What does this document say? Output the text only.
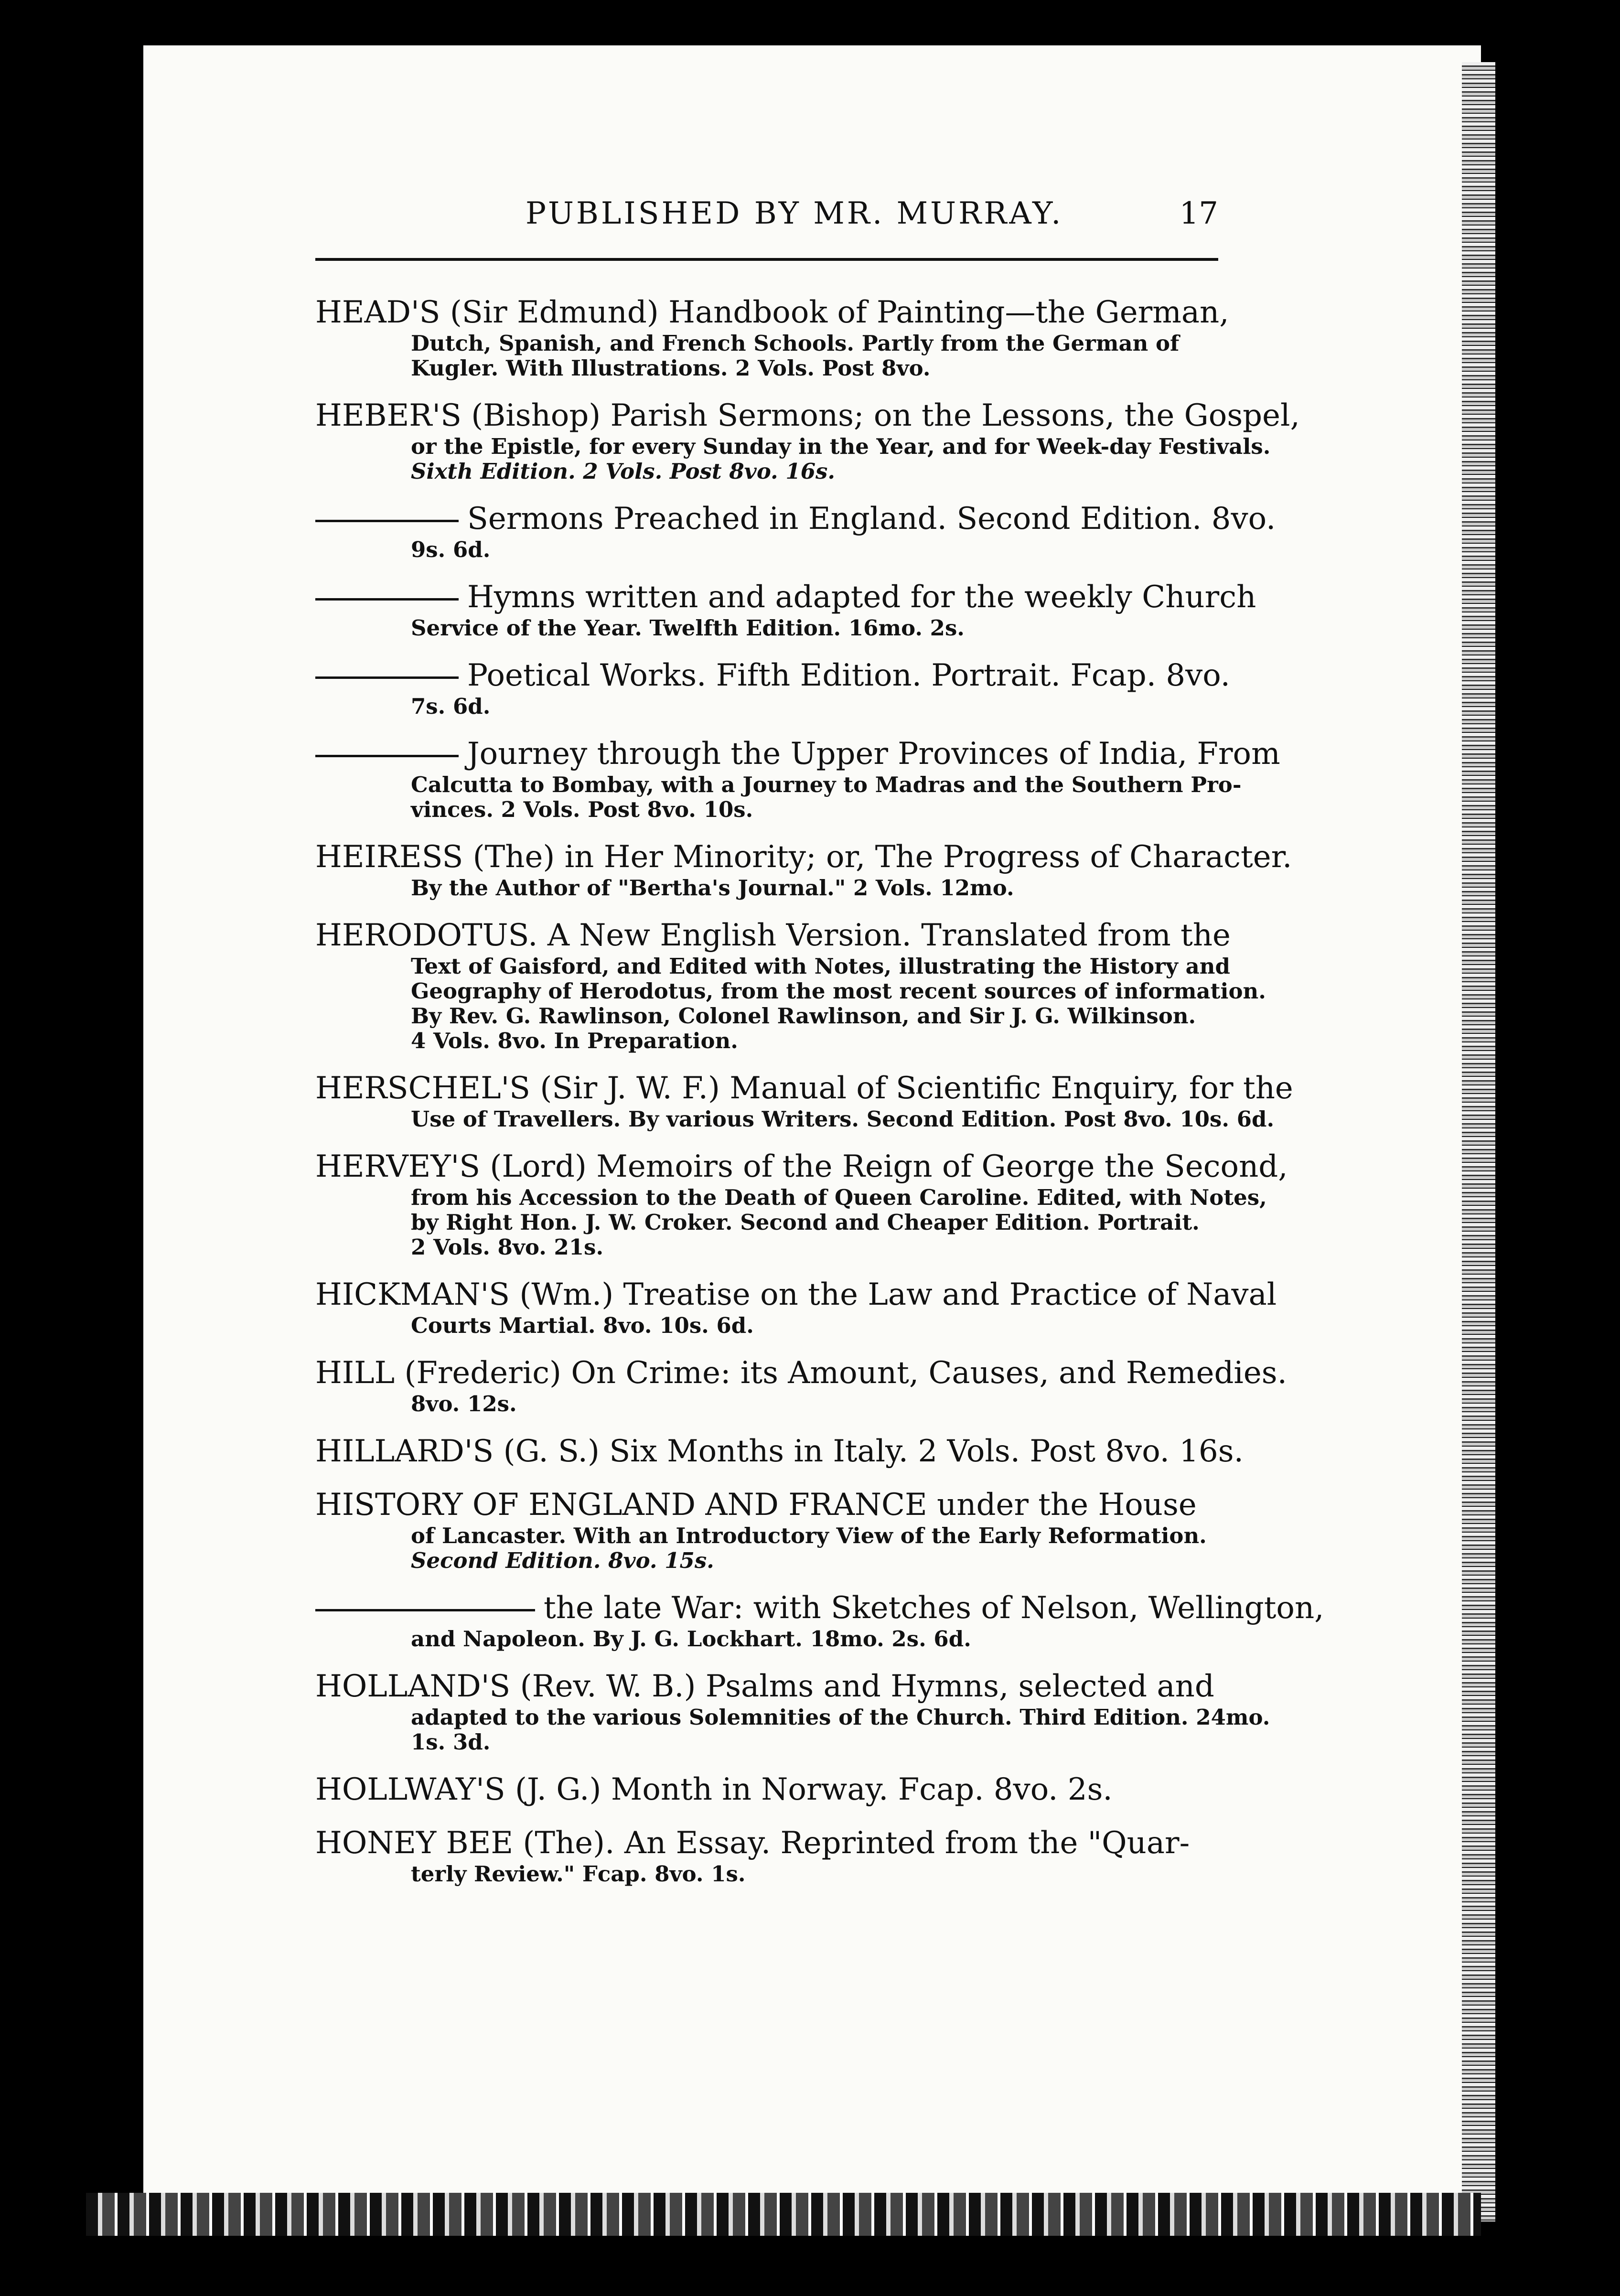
PUBLISHED BY MR. MURRAY.	17
HEAD'S (Sir Edmund) Handbook of Painting—the German,
Dutch, Spanish, and French Schools. Partly from the German of
Kugler. With Illustrations. 2 Vols. Post 8vo.
HEBER'S (Bishop) Parish Sermons; on the Lessons, the Gospel,
or the Epistle, for every Sunday in the Year, and for Week-day Festivals.
Sixth Edition. 2 Vols. Post 8vo. 16s.
Sermons Preached in England. Second Edition. 8vo.
9s. 6d.
Hymns written and adapted for the weekly Church
Service of the Year. Twelfth Edition. 16mo. 2s.
Poetical Works. Fifth Edition. Portrait. Fcap. 8vo.
7s. 6d.
Journey through the Upper Provinces of India, From
Calcutta to Bombay, with a Journey to Madras and the Southern Pro-
vinces. 2 Vols. Post 8vo. 10s.
HEIRESS (The) in Her Minority; or, The Progress of Character.
By the Author of "Bertha's Journal." 2 Vols. 12mo.
HERODOTUS. A New English Version. Translated from the
Text of Gaisford, and Edited with Notes, illustrating the History and
Geography of Herodotus, from the most recent sources of information.
By Rev. G. Rawlinson, Colonel Rawlinson, and Sir J. G. Wilkinson.
4 Vols. 8vo. In Preparation.
HERSCHEL'S (Sir J. W. F.) Manual of Scientific Enquiry, for the
Use of Travellers. By various Writers. Second Edition. Post 8vo. 10s. 6d.
HERVEY'S (Lord) Memoirs of the Reign of George the Second,
from his Accession to the Death of Queen Caroline. Edited, with Notes,
by Right Hon. J. W. Croker. Second and Cheaper Edition. Portrait.
2 Vols. 8vo. 21s.
HICKMAN'S (Wm.) Treatise on the Law and Practice of Naval
Courts Martial. 8vo. 10s. 6d.
HILL (Frederic) On Crime: its Amount, Causes, and Remedies.
8vo. 12s.
HILLARD'S (G. S.) Six Months in Italy. 2 Vols. Post 8vo. 16s.
HISTORY OF ENGLAND AND FRANCE under the House
of Lancaster. With an Introductory View of the Early Reformation.
Second Edition. 8vo. 15s.
the late War: with Sketches of Nelson, Wellington,
and Napoleon. By J. G. Lockhart. 18mo. 2s. 6d.
HOLLAND'S (Rev. W. B.) Psalms and Hymns, selected and
adapted to the various Solemnities of the Church. Third Edition. 24mo.
1s. 3d.
HOLLWAY'S (J. G.) Month in Norway. Fcap. 8vo. 2s.
HONEY BEE (The). An Essay. Reprinted from the "Quar-
terly Review." Fcap. 8vo. 1s.
